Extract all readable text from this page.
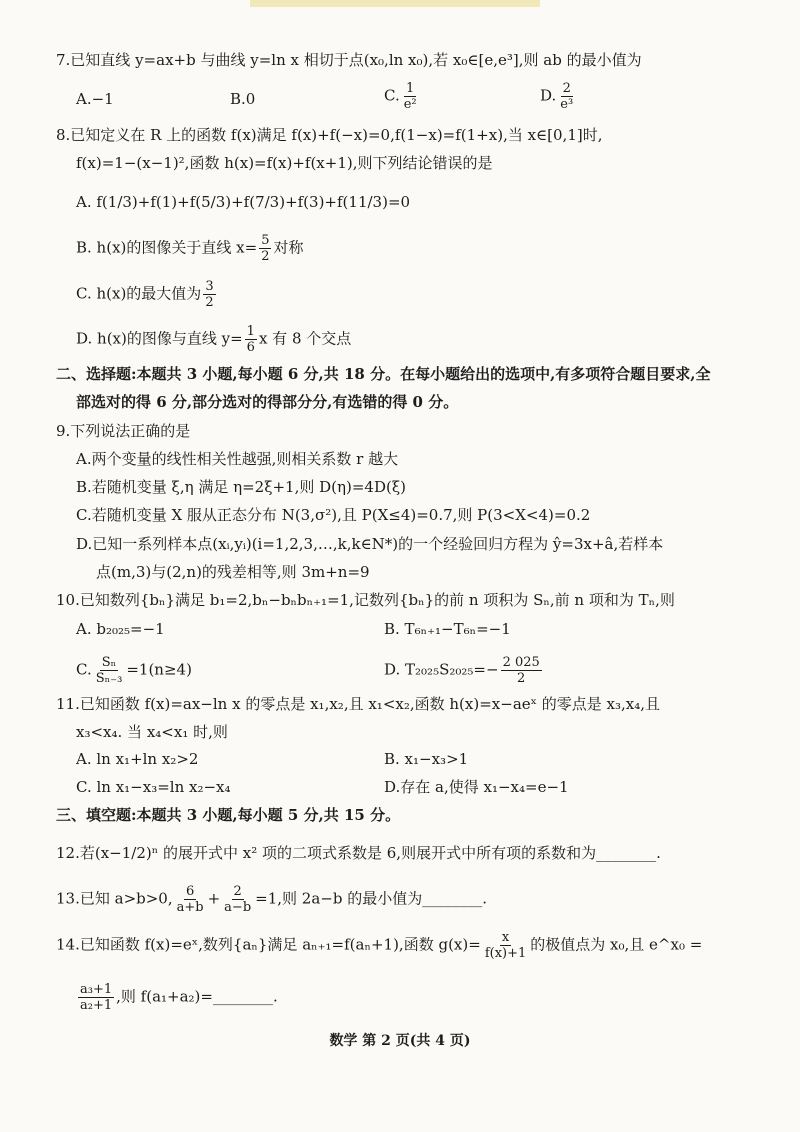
7.已知直线 y=ax+b 与曲线 y=ln x 相切于点(x₀,ln x₀),若 x₀∈[e,e³],则 ab 的最小值为
A.−1	B.0	C. $\frac{1}{\text{e²}}$	D. $\frac{2}{\text{e³}}$
8.已知定义在 R 上的函数 f(x)满足 f(x)+f(−x)=0,f(1−x)=f(1+x),当 x∈[0,1]时,
f(x)=1−(x−1)²,函数 h(x)=f(x)+f(x+1),则下列结论错误的是
A. f(1/3)+f(1)+f(5/3)+f(7/3)+f(3)+f(11/3)=0
B. h(x)的图像关于直线 $x= \frac{5}{2}$ 对称
C. h(x)的最大值为 $\frac{3}{2}$
D. h(x)的图像与直线 $y= \frac{1}{6}$ x 有 8 个交点
二、选择题:本题共 3 小题,每小题 6 分,共 18 分。在每小题给出的选项中,有多项符合题目要求,全
部选对的得 6 分,部分选对的得部分分,有选错的得 0 分。
9.下列说法正确的是
A.两个变量的线性相关性越强,则相关系数 r 越大
B.若随机变量 ξ,η 满足 η=2ξ+1,则 D(η)=4D(ξ)
C.若随机变量 X 服从正态分布 N(3,σ²),且 P(X≤4)=0.7,则 P(3<X<4)=0.2
D.已知一系列样本点(xᵢ,yᵢ)(i=1,2,3,…,k,k∈N*)的一个经验回归方程为 ŷ=3x+â,若样本
点(m,3)与(2,n)的残差相等,则 3m+n=9
10.已知数列{bₙ}满足 b₁=2,bₙ−bₙbₙ₊₁=1,记数列{bₙ}的前 n 项积为 Sₙ,前 n 项和为 Tₙ,则
A. b₂₀₂₅=−1	B. T₆ₙ₊₁−T₆ₙ=−1
C. $\frac{\text{Sₙ}}{\text{Sₙ₋₃}} =1(n\ge 4)$	D. $T_{2025}S_{2025}=- \frac{2 025}{2}$
11.已知函数 f(x)=ax−ln x 的零点是 x₁,x₂,且 x₁<x₂,函数 h(x)=x−aeˣ 的零点是 x₃,x₄,且
x₃<x₄. 当 x₄<x₁ 时,则
A. ln x₁+ln x₂>2	B. x₁−x₃>1
C. ln x₁−x₃=ln x₂−x₄	D.存在 a,使得 x₁−x₄=e−1
三、填空题:本题共 3 小题,每小题 5 分,共 15 分。
12.若(x−1/2)ⁿ 的展开式中 x² 项的二项式系数是 6,则展开式中所有项的系数和为________.
13.已知 a>b>0, $\frac{6}{a+b} + \frac{2}{a-b} =1$,则 2a−b 的最小值为________.
14.已知函数 f(x)=eˣ,数列{aₙ}满足 aₙ₊₁=f(aₙ+1),函数 $g(x)= \frac{x}{f(x)+1}$ 的极值点为 x₀,且 e^x₀ =
$\frac{\text{a₃+1}}{\text{a₂+1}}$ ,则 f(a₁+a₂)=________.
数学 第 2 页(共 4 页)
